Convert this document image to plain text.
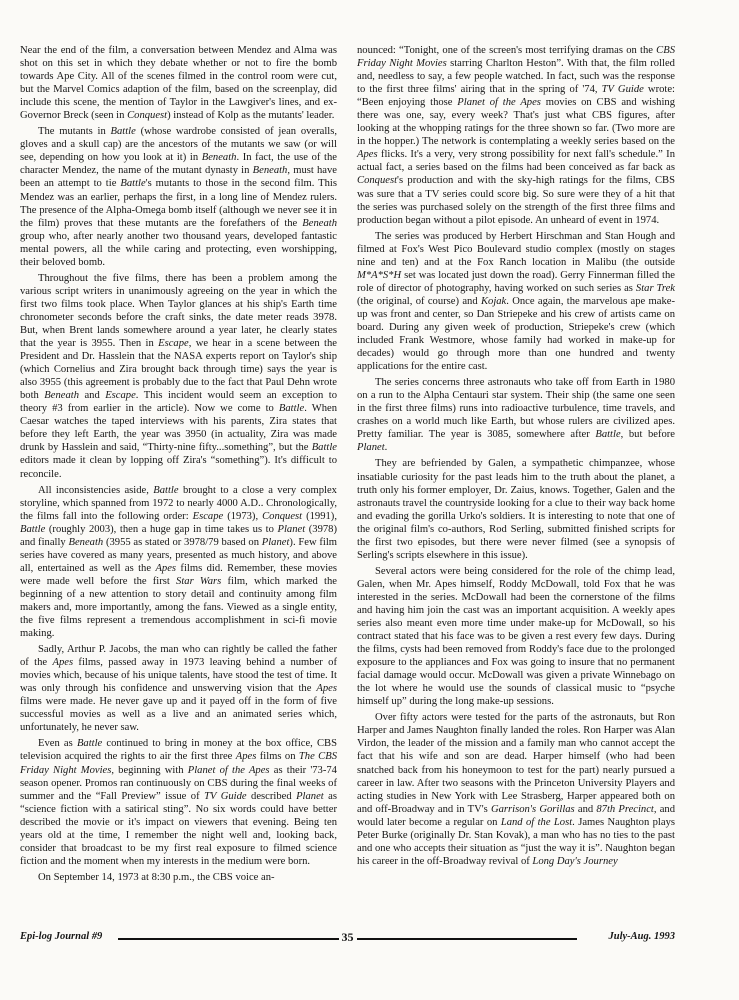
Near the end of the film, a conversation between Mendez and Alma was shot on this set in which they debate whether or not to fire the bomb towards Ape City. All of the scenes filmed in the control room were cut, but the Marvel Comics adaption of the film, based on the screenplay, did include this scene, the mention of Taylor in the Lawgiver's lines, and ex-Governor Breck (seen in Conquest) instead of Kolp as the mutants' leader.

The mutants in Battle (whose wardrobe consisted of jean overalls, gloves and a skull cap) are the ancestors of the mutants we saw (or will see, depending on how you look at it) in Beneath. In fact, the use of the character Mendez, the name of the mutant dynasty in Beneath, must have been an attempt to tie Battle's mutants to those in the second film. This Mendez was an earlier, perhaps the first, in a long line of Mendez rulers. The presence of the Alpha-Omega bomb itself (although we never see it in the film) proves that these mutants are the forefathers of the Beneath group who, after nearly another two thousand years, developed fantastic mental powers, all the while caring and protecting, even worshipping, their beloved bomb.

Throughout the five films, there has been a problem among the various script writers in unanimously agreeing on the year in which the first two films took place. When Taylor glances at his ship's Earth time chronometer seconds before the craft sinks, the date meter reads 3978. But, when Brent lands somewhere around a year later, he clearly states that the year is 3955. Then in Escape, we hear in a scene between the President and Dr. Hasslein that the NASA experts report on Taylor's ship (which Cornelius and Zira brought back through time) says the year is also 3955 (this agreement is probably due to the fact that Paul Dehn wrote both Beneath and Escape. This incident would seem an exception to theory #3 from earlier in the article). Now we come to Battle. When Caesar watches the taped interviews with his parents, Zira states that before they left Earth, the year was 3950 (in actuality, Zira was made drunk by Hasslein and said, “Thirty-nine fifty...something”, but the Battle editors made it clean by lopping off Zira's “something”). It's difficult to reconcile.

All inconsistencies aside, Battle brought to a close a very complex storyline, which spanned from 1972 to nearly 4000 A.D.. Chronologically, the films fall into the following order: Escape (1973), Conquest (1991), Battle (roughly 2003), then a huge gap in time takes us to Planet (3978) and finally Beneath (3955 as stated or 3978/79 based on Planet). Few film series have covered as many years, presented as much history, and above all, entertained as well as the Apes films did. Remember, these movies were made well before the first Star Wars film, which marked the beginning of a new attention to story detail and continuity among film makers and, more importantly, among the fans. Viewed as a single entity, the five films represent a tremendous accomplishment in sci-fi movie making.

Sadly, Arthur P. Jacobs, the man who can rightly be called the father of the Apes films, passed away in 1973 leaving behind a number of movies which, because of his unique talents, have stood the test of time. It was only through his confidence and unswerving vision that the Apes films were made. He never gave up and it payed off in the form of five successful movies as well as a live and an animated series which, unfortunately, he never saw.

Even as Battle continued to bring in money at the box office, CBS television acquired the rights to air the first three Apes films on The CBS Friday Night Movies, beginning with Planet of the Apes as their '73-74 season opener. Promos ran continuously on CBS during the final weeks of summer and the “Fall Preview” issue of TV Guide described Planet as “science fiction with a satirical sting”. No six words could have better described the movie or it's impact on viewers that evening. Being ten years old at the time, I remember the night well and, looking back, consider that broadcast to be my first real exposure to filmed science fiction and the moment when my interests in the medium were born.

On September 14, 1973 at 8:30 p.m., the CBS voice an-

nounced: “Tonight, one of the screen's most terrifying dramas on the CBS Friday Night Movies starring Charlton Heston”. With that, the film rolled and, needless to say, a few people watched. In fact, such was the response to the first three films' airing that in the spring of '74, TV Guide wrote: “Been enjoying those Planet of the Apes movies on CBS and wishing there was one, say, every week? That's just what CBS figures, after looking at the whopping ratings for the three shown so far. (Two more are in the hopper.) The network is contemplating a weekly series based on the Apes flicks. It's a very, very strong possibility for next fall's schedule.” In actual fact, a series based on the films had been conceived as far back as Conquest's production and with the sky-high ratings for the films, CBS was sure that a TV series could score big. So sure were they of a hit that the series was purchased solely on the strength of the first three films and production began without a pilot episode. An unheard of event in 1974.

The series was produced by Herbert Hirschman and Stan Hough and filmed at Fox's West Pico Boulevard studio complex (mostly on stages nine and ten) and at the Fox Ranch location in Malibu (the outside M*A*S*H set was located just down the road). Gerry Finnerman filled the role of director of photography, having worked on such series as Star Trek (the original, of course) and Kojak. Once again, the marvelous ape make-up was front and center, so Dan Striepeke and his crew of artists came on board. During any given week of production, Striepeke's crew (which included Frank Westmore, whose family had worked in make-up for decades) would go through more than one hundred and twenty applications for the entire cast.

The series concerns three astronauts who take off from Earth in 1980 on a run to the Alpha Centauri star system. Their ship (the same one seen in the first three films) runs into radioactive turbulence, time travels, and crashes on a world much like Earth, but whose rulers are civilized apes. Pretty familiar. The year is 3085, somewhere after Battle, but before Planet.

They are befriended by Galen, a sympathetic chimpanzee, whose insatiable curiosity for the past leads him to the truth about the planet, a truth only his former employer, Dr. Zaius, knows. Together, Galen and the astronauts travel the countryside looking for a clue to their way back home and evading the gorilla Urko's soldiers. It is interesting to note that one of the original film's co-authors, Rod Serling, submitted finished scripts for the first two episodes, but there were never filmed (see a synopsis of Serling's scripts elsewhere in this issue).

Several actors were being considered for the role of the chimp lead, Galen, when Mr. Apes himself, Roddy McDowall, told Fox that he was interested in the series. McDowall had been the cornerstone of the films and having him join the cast was an important acquisition. A weekly apes series also meant even more time under make-up for McDowall, so his contract stated that his face was to be given a rest every few days. During the films, cysts had been removed from Roddy's face due to the prolonged exposure to the appliances and Fox was going to insure that no permanent facial damage would occur. McDowall was given a private Winnebago on the lot where he would use the sounds of classical music to “psyche himself up” during the long make-up sessions.

Over fifty actors were tested for the parts of the astronauts, but Ron Harper and James Naughton finally landed the roles. Ron Harper was Alan Virdon, the leader of the mission and a family man who cannot accept the fact that his wife and son are dead. Harper himself (who had been snatched back from his honeymoon to test for the part) nearly pursued a career in law. After two seasons with the Princeton University Players and acting studies in New York with Lee Strasberg, Harper appeared both on and off-Broadway and in TV's Garrison's Gorillas and 87th Precinct, and would later become a regular on Land of the Lost. James Naughton plays Peter Burke (originally Dr. Stan Kovak), a man who has no ties to the past and one who accepts their situation as “just the way it is”. Naughton began his career in the off-Broadway revival of Long Day's Journey

Epi-log Journal #9	35	July-Aug. 1993
